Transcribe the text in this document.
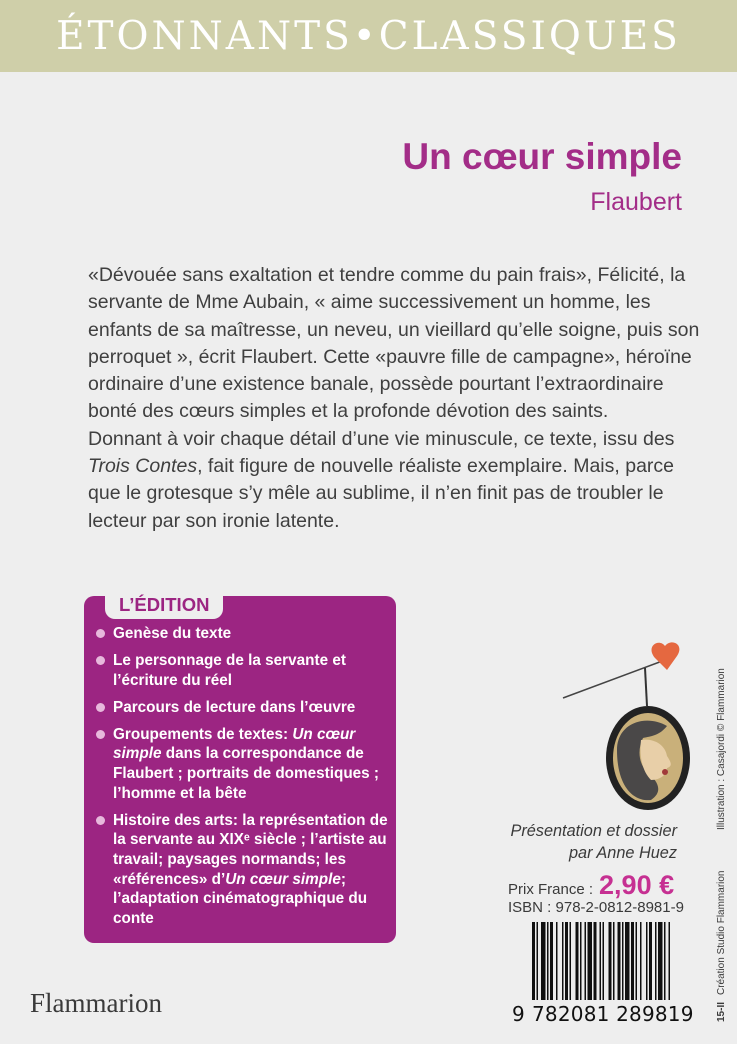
ÉTONNANTS•CLASSIQUES
Un cœur simple
Flaubert

«Dévouée sans exaltation et tendre comme du pain frais», Félicité, la servante de Mme Aubain, « aime successivement un homme, les enfants de sa maîtresse, un neveu, un vieillard qu’elle soigne, puis son perroquet », écrit Flaubert. Cette «pauvre fille de campagne», héroïne ordinaire d’une existence banale, possède pourtant l’extraordinaire bonté des cœurs simples et la profonde dévotion des saints.

Donnant à voir chaque détail d’une vie minuscule, ce texte, issu des Trois Contes, fait figure de nouvelle réaliste exemplaire. Mais, parce que le grotesque s’y mêle au sublime, il n’en finit pas de troubler le lecteur par son ironie latente.

L’ÉDITION
Genèse du texte
Le personnage de la servante et l’écriture du réel
Parcours de lecture dans l’œuvre
Groupements de textes: Un cœur simple dans la correspondance de Flaubert ; portraits de domestiques ; l’homme et la bête
Histoire des arts: la représentation de la servante au XIXᵉ siècle ; l’artiste au travail; paysages normands; les «références» d’Un cœur simple; l’adaptation cinématographique du conte
Présentation et dossier
par Anne Huez
Prix France : 2,90 €
ISBN : 978-2-0812-8981-9
9 782081 289819
Flammarion
Illustration : Casajordi © Flammarion
Création Studio Flammarion
15-II
